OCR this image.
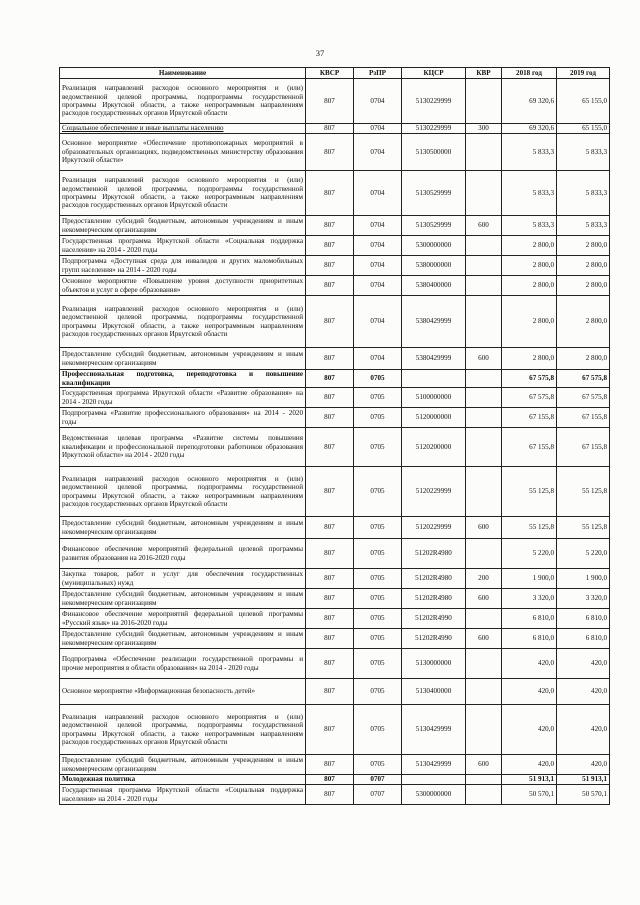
37
Наименование	КВСР	РзПР	КЦСР	КВР	2018 год	2019 год
Реализация направлений расходов основного мероприятия и (или) ведомственной целевой программы, подпрограммы государственной программы Иркутской области, а также непрограммным направлениям расходов государственных органов Иркутской области	807	0704	5130229999		69 320,6	65 155,0
Социальное обеспечение и иные выплаты населению	807	0704	5130229999	300	69 320,6	65 155,0
Основное мероприятие «Обеспечение противопожарных мероприятий в образовательных организациях, подведомственных министерству образования Иркутской области»	807	0704	5130500000		5 833,3	5 833,3
Реализация направлений расходов основного мероприятия и (или) ведомственной целевой программы, подпрограммы государственной программы Иркутской области, а также непрограммным направлениям расходов государственных органов Иркутской области	807	0704	5130529999		5 833,3	5 833,3
Предоставление субсидий бюджетным, автономным учреждениям и иным некоммерческим организациям	807	0704	5130529999	600	5 833,3	5 833,3
Государственная программа Иркутской области «Социальная поддержка населения» на 2014 - 2020 годы	807	0704	5300000000		2 800,0	2 800,0
Подпрограмма «Доступная среда для инвалидов и других маломобильных групп населения» на 2014 - 2020 годы	807	0704	5380000000		2 800,0	2 800,0
Основное мероприятие «Повышение уровня доступности приоритетных объектов и услуг в сфере образования»	807	0704	5380400000		2 800,0	2 800,0
Реализация направлений расходов основного мероприятия и (или) ведомственной целевой программы, подпрограммы государственной программы Иркутской области, а также непрограммным направлениям расходов государственных органов Иркутской области	807	0704	5380429999		2 800,0	2 800,0
Предоставление субсидий бюджетным, автономным учреждениям и иным некоммерческим организациям	807	0704	5380429999	600	2 800,0	2 800,0
Профессиональная подготовка, переподготовка и повышение квалификации	807	0705			67 575,8	67 575,8
Государственная программа Иркутской области «Развитие образования» на 2014 - 2020 годы	807	0705	5100000000		67 575,8	67 575,8
Подпрограмма «Развитие профессионального образования» на 2014 - 2020 годы	807	0705	5120000000		67 155,8	67 155,8
Ведомственная целевая программа «Развитие системы повышения квалификации и профессиональной переподготовки работников образования Иркутской области» на 2014 - 2020 годы	807	0705	5120200000		67 155,8	67 155,8
Реализация направлений расходов основного мероприятия и (или) ведомственной целевой программы, подпрограммы государственной программы Иркутской области, а также непрограммным направлениям расходов государственных органов Иркутской области	807	0705	5120229999		55 125,8	55 125,8
Предоставление субсидий бюджетным, автономным учреждениям и иным некоммерческим организациям	807	0705	5120229999	600	55 125,8	55 125,8
Финансовое обеспечение мероприятий федеральной целевой программы развития образования на 2016-2020 годы	807	0705	51202R4980		5 220,0	5 220,0
Закупка товаров, работ и услуг для обеспечения государственных (муниципальных) нужд	807	0705	51202R4980	200	1 900,0	1 900,0
Предоставление субсидий бюджетным, автономным учреждениям и иным некоммерческим организациям	807	0705	51202R4980	600	3 320,0	3 320,0
Финансовое обеспечение мероприятий федеральной целевой программы «Русский язык» на 2016-2020 годы	807	0705	51202R4990		6 810,0	6 810,0
Предоставление субсидий бюджетным, автономным учреждениям и иным некоммерческим организациям	807	0705	51202R4990	600	6 810,0	6 810,0
Подпрограмма «Обеспечение реализации государственной программы и прочие мероприятия в области образования» на 2014 - 2020 годы	807	0705	5130000000		420,0	420,0
Основное мероприятие «Информационная безопасность детей»	807	0705	5130400000		420,0	420,0
Реализация направлений расходов основного мероприятия и (или) ведомственной целевой программы, подпрограммы государственной программы Иркутской области, а также непрограммным направлениям расходов государственных органов Иркутской области	807	0705	5130429999		420,0	420,0
Предоставление субсидий бюджетным, автономным учреждениям и иным некоммерческим организациям	807	0705	5130429999	600	420,0	420,0
Молодежная политика	807	0707			51 913,1	51 913,1
Государственная программа Иркутской области «Социальная поддержка населения» на 2014 - 2020 годы	807	0707	5300000000		50 570,1	50 570,1
